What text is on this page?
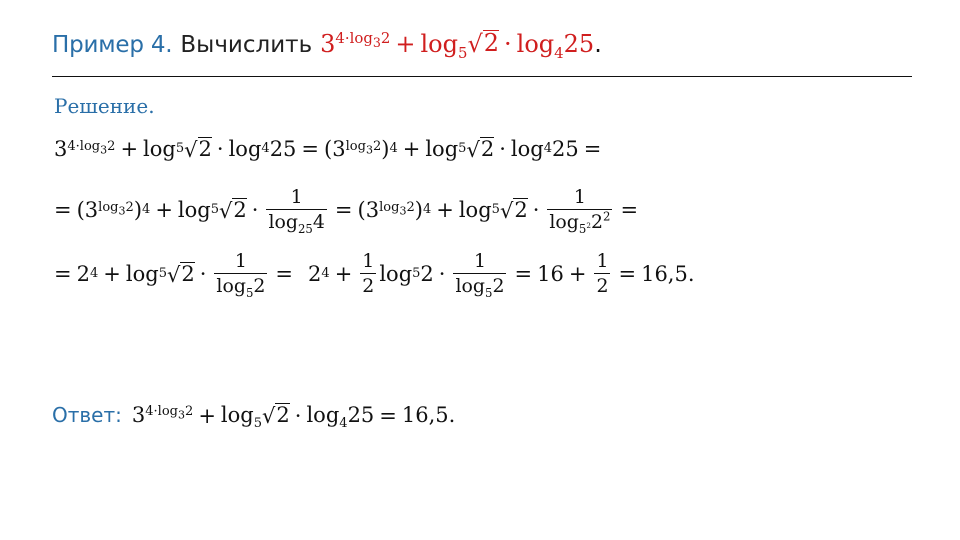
Пример 4. Вычислить $3^{4\cdot log_32} + \log_5√$ $2 \cdot \log_425$ .
Решение.
3 $4\cdot\log_32 + \log 5$ √ 2 · log 4 25 = (3 $\log_32$ ) 4 + log 5 √ 2 · log 4 25 =
= (3 $\log_32$ ) 4 + log 5 √ $2 \cdot \frac{1}{\log_{25}4} = (3$ $\log_32$ ) 4 + log 5 √ $2 \cdot \frac{1}{\log_{5^2}2^2}$ =
= 2 4 + log 5 √ $2 \cdot \frac{1}{\log_52} = 2$ $4 + \frac{1}{2}$ log 5 $2 \cdot \frac{1}{\log_52} = 16 + \frac{1}{2} = 16,5$ .
Ответ: $3^{4\cdot log_32} + \log_5√$ $2 \cdot \log_425 = 16,5$.
